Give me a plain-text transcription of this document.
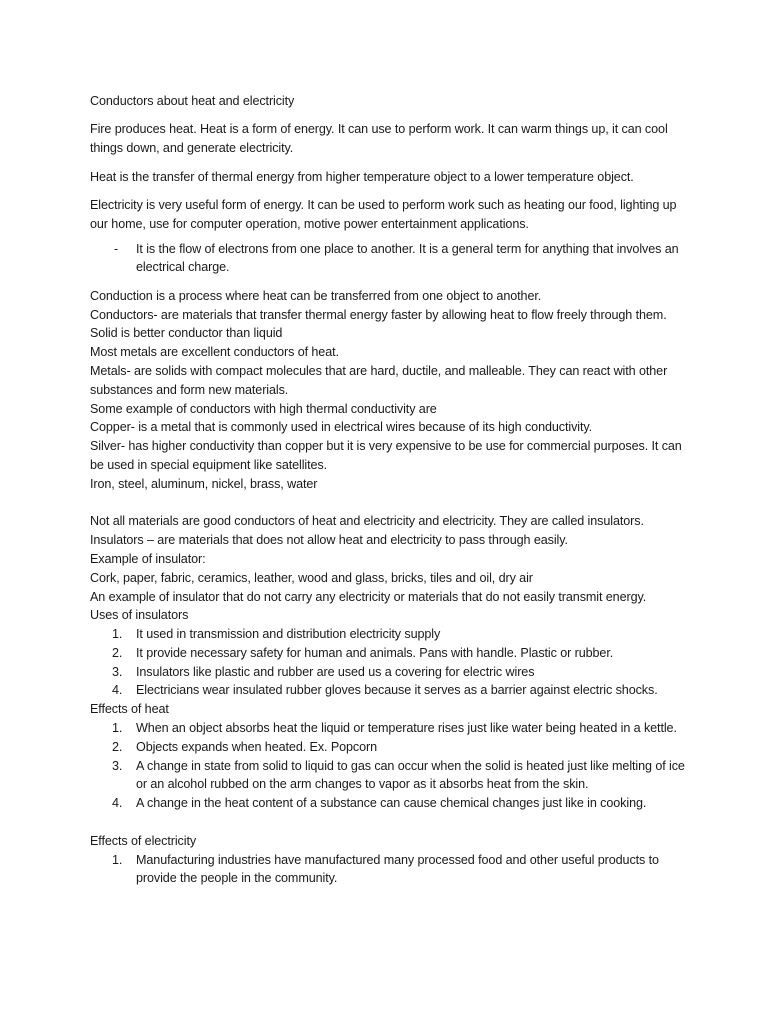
Conductors about heat and electricity

Fire produces heat. Heat is a form of energy. It can use to perform work. It can warm things up, it can cool things down, and generate electricity.

Heat is the transfer of thermal energy from higher temperature object to a lower temperature object.

Electricity is very useful form of energy. It can be used to perform work such as heating our food, lighting up our home, use for computer operation, motive power entertainment applications.

- It is the flow of electrons from one place to another. It is a general term for anything that involves an electrical charge.

Conduction is a process where heat can be transferred from one object to another.

Conductors- are materials that transfer thermal energy faster by allowing heat to flow freely through them.

Solid is better conductor than liquid

Most metals are excellent conductors of heat.

Metals- are solids with compact molecules that are hard, ductile, and malleable. They can react with other substances and form new materials.

Some example of conductors with high thermal conductivity are

Copper- is a metal that is commonly used in electrical wires because of its high conductivity.

Silver- has higher conductivity than copper but it is very expensive to be use for commercial purposes. It can be used in special equipment like satellites.

Iron, steel, aluminum, nickel, brass, water

Not all materials are good conductors of heat and electricity and electricity. They are called insulators.

Insulators – are materials that does not allow heat and electricity to pass through easily.

Example of insulator:

Cork, paper, fabric, ceramics, leather, wood and glass, bricks, tiles and oil, dry air

An example of insulator that do not carry any electricity or materials that do not easily transmit energy.

Uses of insulators

1. It used in transmission and distribution electricity supply
2. It provide necessary safety for human and animals. Pans with handle. Plastic or rubber.
3. Insulators like plastic and rubber are used us a covering for electric wires
4. Electricians wear insulated rubber gloves because it serves as a barrier against electric shocks.

Effects of heat

1. When an object absorbs heat the liquid or temperature rises just like water being heated in a kettle.
2. Objects expands when heated. Ex. Popcorn
3. A change in state from solid to liquid to gas can occur when the solid is heated just like melting of ice or an alcohol rubbed on the arm changes to vapor as it absorbs heat from the skin.
4. A change in the heat content of a substance can cause chemical changes just like in cooking.

Effects of electricity

1. Manufacturing industries have manufactured many processed food and other useful products to provide the people in the community.
